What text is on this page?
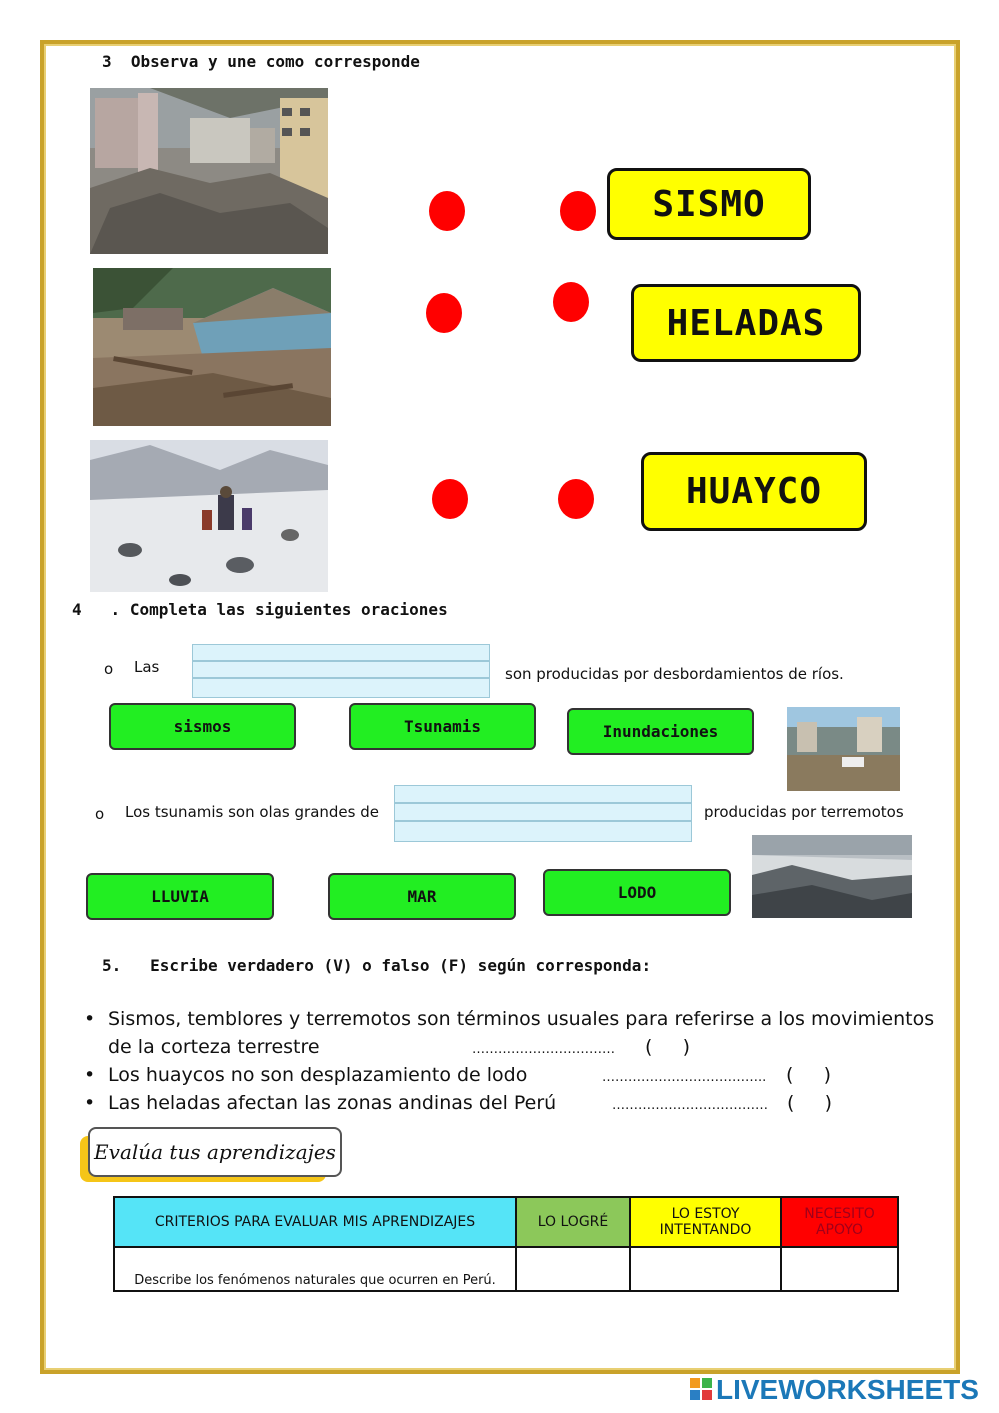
3 Observa y une como corresponde
SISMO
HELADAS
HUAYCO
4 . Completa las siguientes oraciones
o Las	son producidas por desbordamientos de ríos.
sismos	Tsunamis	Inundaciones
o Los tsunamis son olas grandes de	producidas por terremotos
LLUVIA	MAR	LODO
5.   Escribe verdadero (V) o falso (F) según corresponda:
• Sismos, temblores y terremotos son términos usuales para referirse a los movimientos
de la corteza terrestre	…………………………… (     )
• Los huaycos no son desplazamiento de lodo	……………………………….. (     )
• Las heladas afectan las zonas andinas del Perú	……………………………… (     )
Evalúa tus aprendizajes
CRITERIOS PARA EVALUAR MIS APRENDIZAJES	LO LOGRÉ	LO ESTOY INTENTANDO	NECESITO APOYO
Describe los fenómenos naturales que ocurren en Perú.			
LIVEWORKSHEETS
